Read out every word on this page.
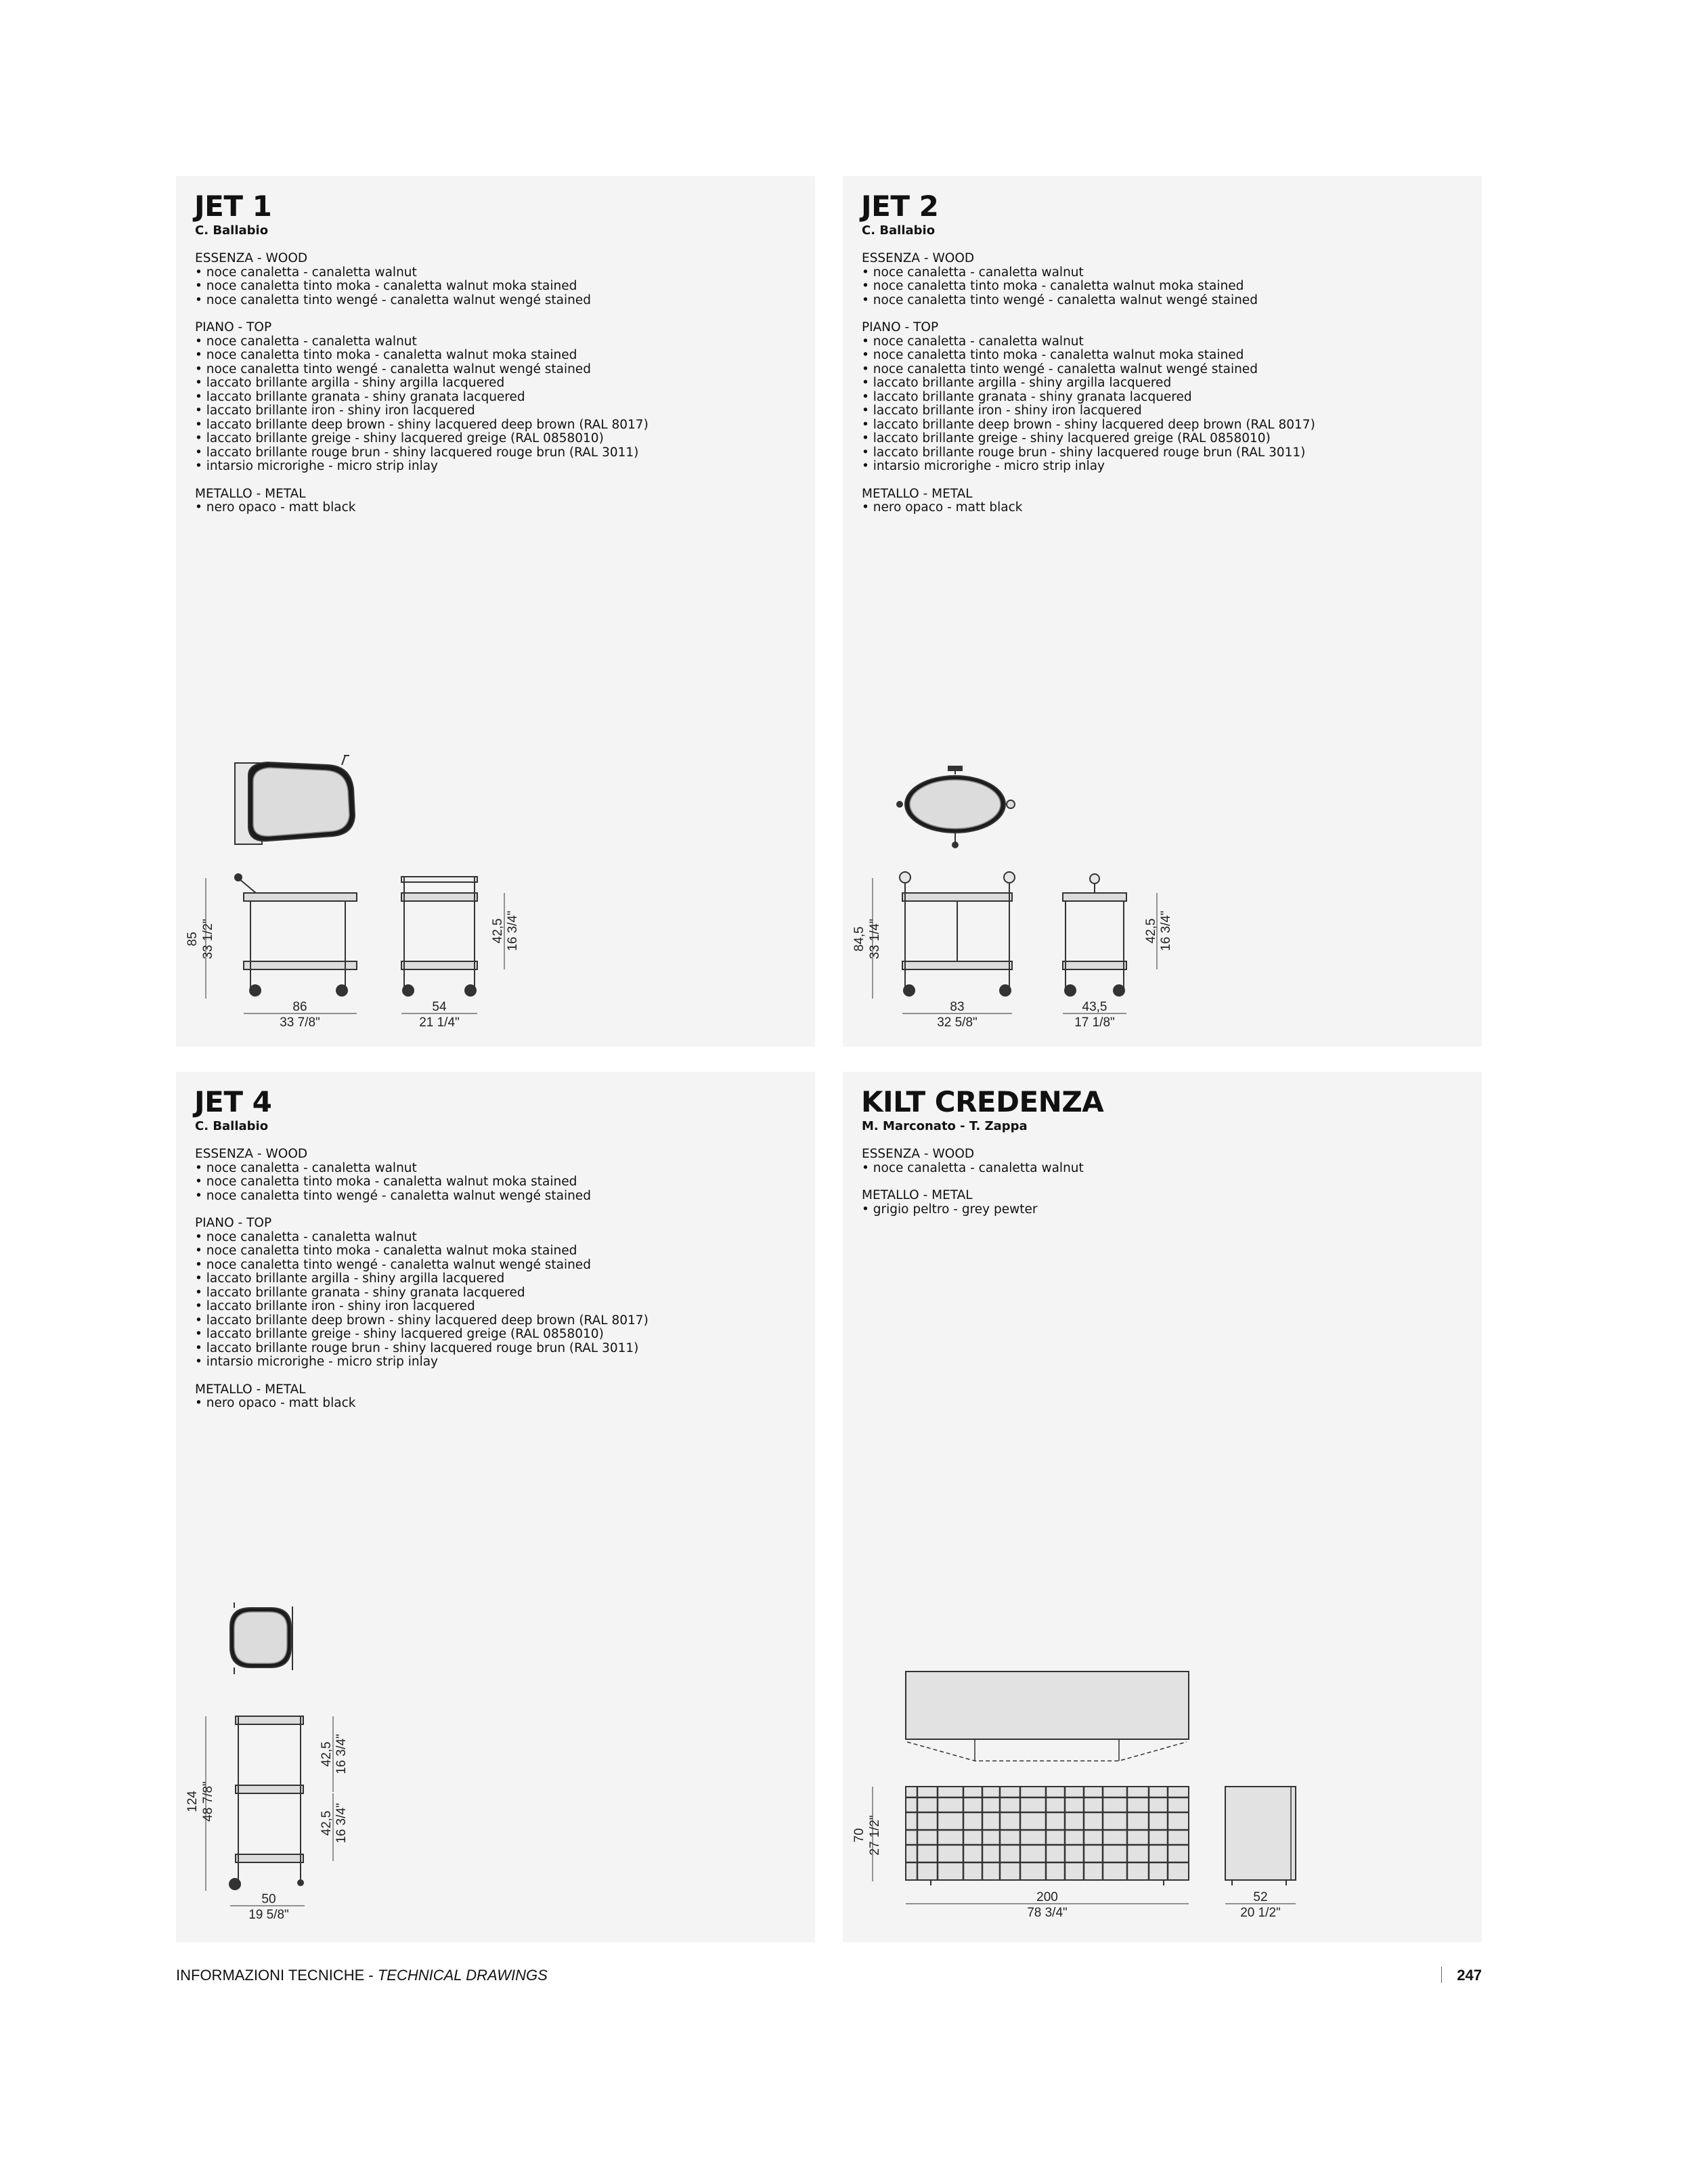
JET 1
C. Ballabio
ESSENZA - WOOD
• noce canaletta - canaletta walnut
• noce canaletta tinto moka - canaletta walnut moka stained
• noce canaletta tinto wengé - canaletta walnut wengé stained
PIANO - TOP
• noce canaletta - canaletta walnut
• noce canaletta tinto moka - canaletta walnut moka stained
• noce canaletta tinto wengé - canaletta walnut wengé stained
• laccato brillante argilla - shiny argilla lacquered
• laccato brillante granata - shiny granata lacquered
• laccato brillante iron - shiny iron lacquered
• laccato brillante deep brown - shiny lacquered deep brown (RAL 8017)
• laccato brillante greige - shiny lacquered greige (RAL 0858010)
• laccato brillante rouge brun - shiny lacquered rouge brun (RAL 3011)
• intarsio microrighe - micro strip inlay
METALLO - METAL
• nero opaco - matt black
85 33 1/2"
86
33 7/8"
54
21 1/4"
42,5 16 3/4"
JET 2
C. Ballabio
ESSENZA - WOOD
• noce canaletta - canaletta walnut
• noce canaletta tinto moka - canaletta walnut moka stained
• noce canaletta tinto wengé - canaletta walnut wengé stained
PIANO - TOP
• noce canaletta - canaletta walnut
• noce canaletta tinto moka - canaletta walnut moka stained
• noce canaletta tinto wengé - canaletta walnut wengé stained
• laccato brillante argilla - shiny argilla lacquered
• laccato brillante granata - shiny granata lacquered
• laccato brillante iron - shiny iron lacquered
• laccato brillante deep brown - shiny lacquered deep brown (RAL 8017)
• laccato brillante greige - shiny lacquered greige (RAL 0858010)
• laccato brillante rouge brun - shiny lacquered rouge brun (RAL 3011)
• intarsio microrighe - micro strip inlay
METALLO - METAL
• nero opaco - matt black
84,5 33 1/4"
83
32 5/8"
43,5
17 1/8"
42,5 16 3/4"
JET 4
C. Ballabio
ESSENZA - WOOD
• noce canaletta - canaletta walnut
• noce canaletta tinto moka - canaletta walnut moka stained
• noce canaletta tinto wengé - canaletta walnut wengé stained
PIANO - TOP
• noce canaletta - canaletta walnut
• noce canaletta tinto moka - canaletta walnut moka stained
• noce canaletta tinto wengé - canaletta walnut wengé stained
• laccato brillante argilla - shiny argilla lacquered
• laccato brillante granata - shiny granata lacquered
• laccato brillante iron - shiny iron lacquered
• laccato brillante deep brown - shiny lacquered deep brown (RAL 8017)
• laccato brillante greige - shiny lacquered greige (RAL 0858010)
• laccato brillante rouge brun - shiny lacquered rouge brun (RAL 3011)
• intarsio microrighe - micro strip inlay
METALLO - METAL
• nero opaco - matt black
124 48 7/8"
50
19 5/8"
42,5 16 3/4"
42,5 16 3/4"
KILT CREDENZA
M. Marconato - T. Zappa
ESSENZA - WOOD
• noce canaletta - canaletta walnut
METALLO - METAL
• grigio peltro - grey pewter
70 27 1/2"
200
78 3/4"
52
20 1/2"
INFORMAZIONI TECNICHE - TECHNICAL DRAWINGS	247
